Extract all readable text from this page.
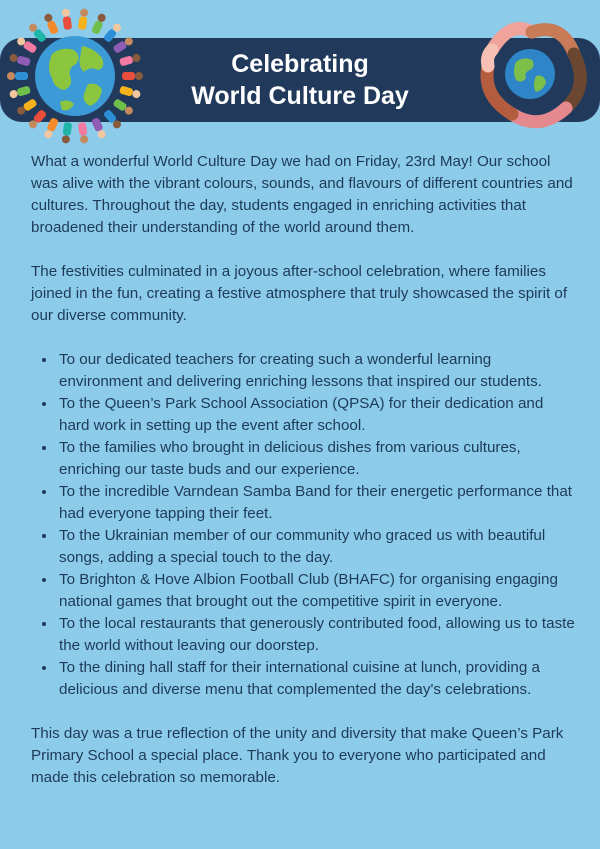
Celebrating
World Culture Day

What a wonderful World Culture Day we had on Friday, 23rd May! Our school was alive with the vibrant colours, sounds, and flavours of different countries and cultures. Throughout the day, students engaged in enriching activities that broadened their understanding of the world around them.

The festivities culminated in a joyous after-school celebration, where families joined in the fun, creating a festive atmosphere that truly showcased the spirit of our diverse community.

• To our dedicated teachers for creating such a wonderful learning environment and delivering enriching lessons that inspired our students.
• To the Queen’s Park School Association (QPSA) for their dedication and hard work in setting up the event after school.
• To the families who brought in delicious dishes from various cultures, enriching our taste buds and our experience.
• To the incredible Varndean Samba Band for their energetic performance that had everyone tapping their feet.
• To the Ukrainian member of our community who graced us with beautiful songs, adding a special touch to the day.
• To Brighton & Hove Albion Football Club (BHAFC) for organising engaging national games that brought out the competitive spirit in everyone.
• To the local restaurants that generously contributed food, allowing us to taste the world without leaving our doorstep.
• To the dining hall staff for their international cuisine at lunch, providing a delicious and diverse menu that complemented the day's celebrations.

This day was a true reflection of the unity and diversity that make Queen’s Park Primary School a special place. Thank you to everyone who participated and made this celebration so memorable.
